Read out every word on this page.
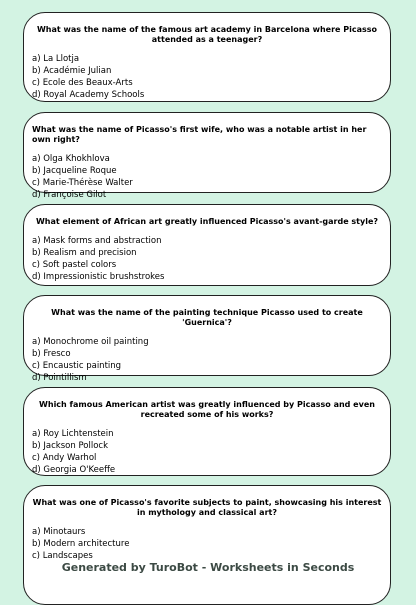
What was the name of the famous art academy in Barcelona where Picasso attended as a teenager?
a) La Llotja
b) Académie Julian
c) Ecole des Beaux-Arts
d) Royal Academy Schools
What was the name of Picasso's first wife, who was a notable artist in her own right?
a) Olga Khokhlova
b) Jacqueline Roque
c) Marie-Thérèse Walter
d) Françoise Gilot
What element of African art greatly influenced Picasso's avant-garde style?
a) Mask forms and abstraction
b) Realism and precision
c) Soft pastel colors
d) Impressionistic brushstrokes
What was the name of the painting technique Picasso used to create 'Guernica'?
a) Monochrome oil painting
b) Fresco
c) Encaustic painting
d) Pointillism
Which famous American artist was greatly influenced by Picasso and even recreated some of his works?
a) Roy Lichtenstein
b) Jackson Pollock
c) Andy Warhol
d) Georgia O'Keeffe
What was one of Picasso's favorite subjects to paint, showcasing his interest in mythology and classical art?
a) Minotaurs
b) Modern architecture
c) Landscapes
Generated by TuroBot - Worksheets in Seconds
